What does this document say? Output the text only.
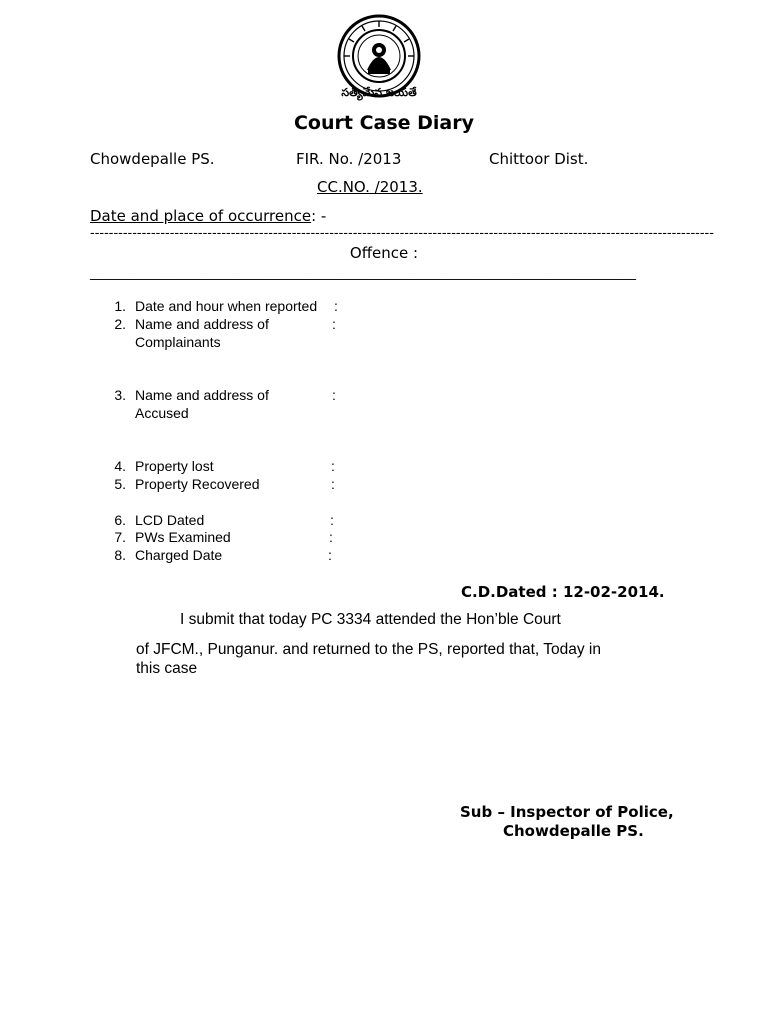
సత్యమేవ జయతే
Court Case Diary
Chowdepalle PS.	FIR. No. /2013	Chittoor Dist.
CC.NO. /2013.
Date and place of occurrence: -
-------------------------------------------------------------------------------------------------------------------------------------
Offence :
____________________________________________________________________________________
1. Date and hour when reported :
2. Name and address of
Complainants
:
3. Name and address of
Accused
:
4. Property lost	:
5. Property Recovered	:
6. LCD Dated	:
7. PWs Examined	:
8. Charged Date	:
C.D.Dated : 12-02-2014.
I submit that today PC 3334 attended the Hon’ble Court
of JFCM., Punganur. and returned to the PS, reported that, Today in
this case
Sub – Inspector of Police,
Chowdepalle PS.
